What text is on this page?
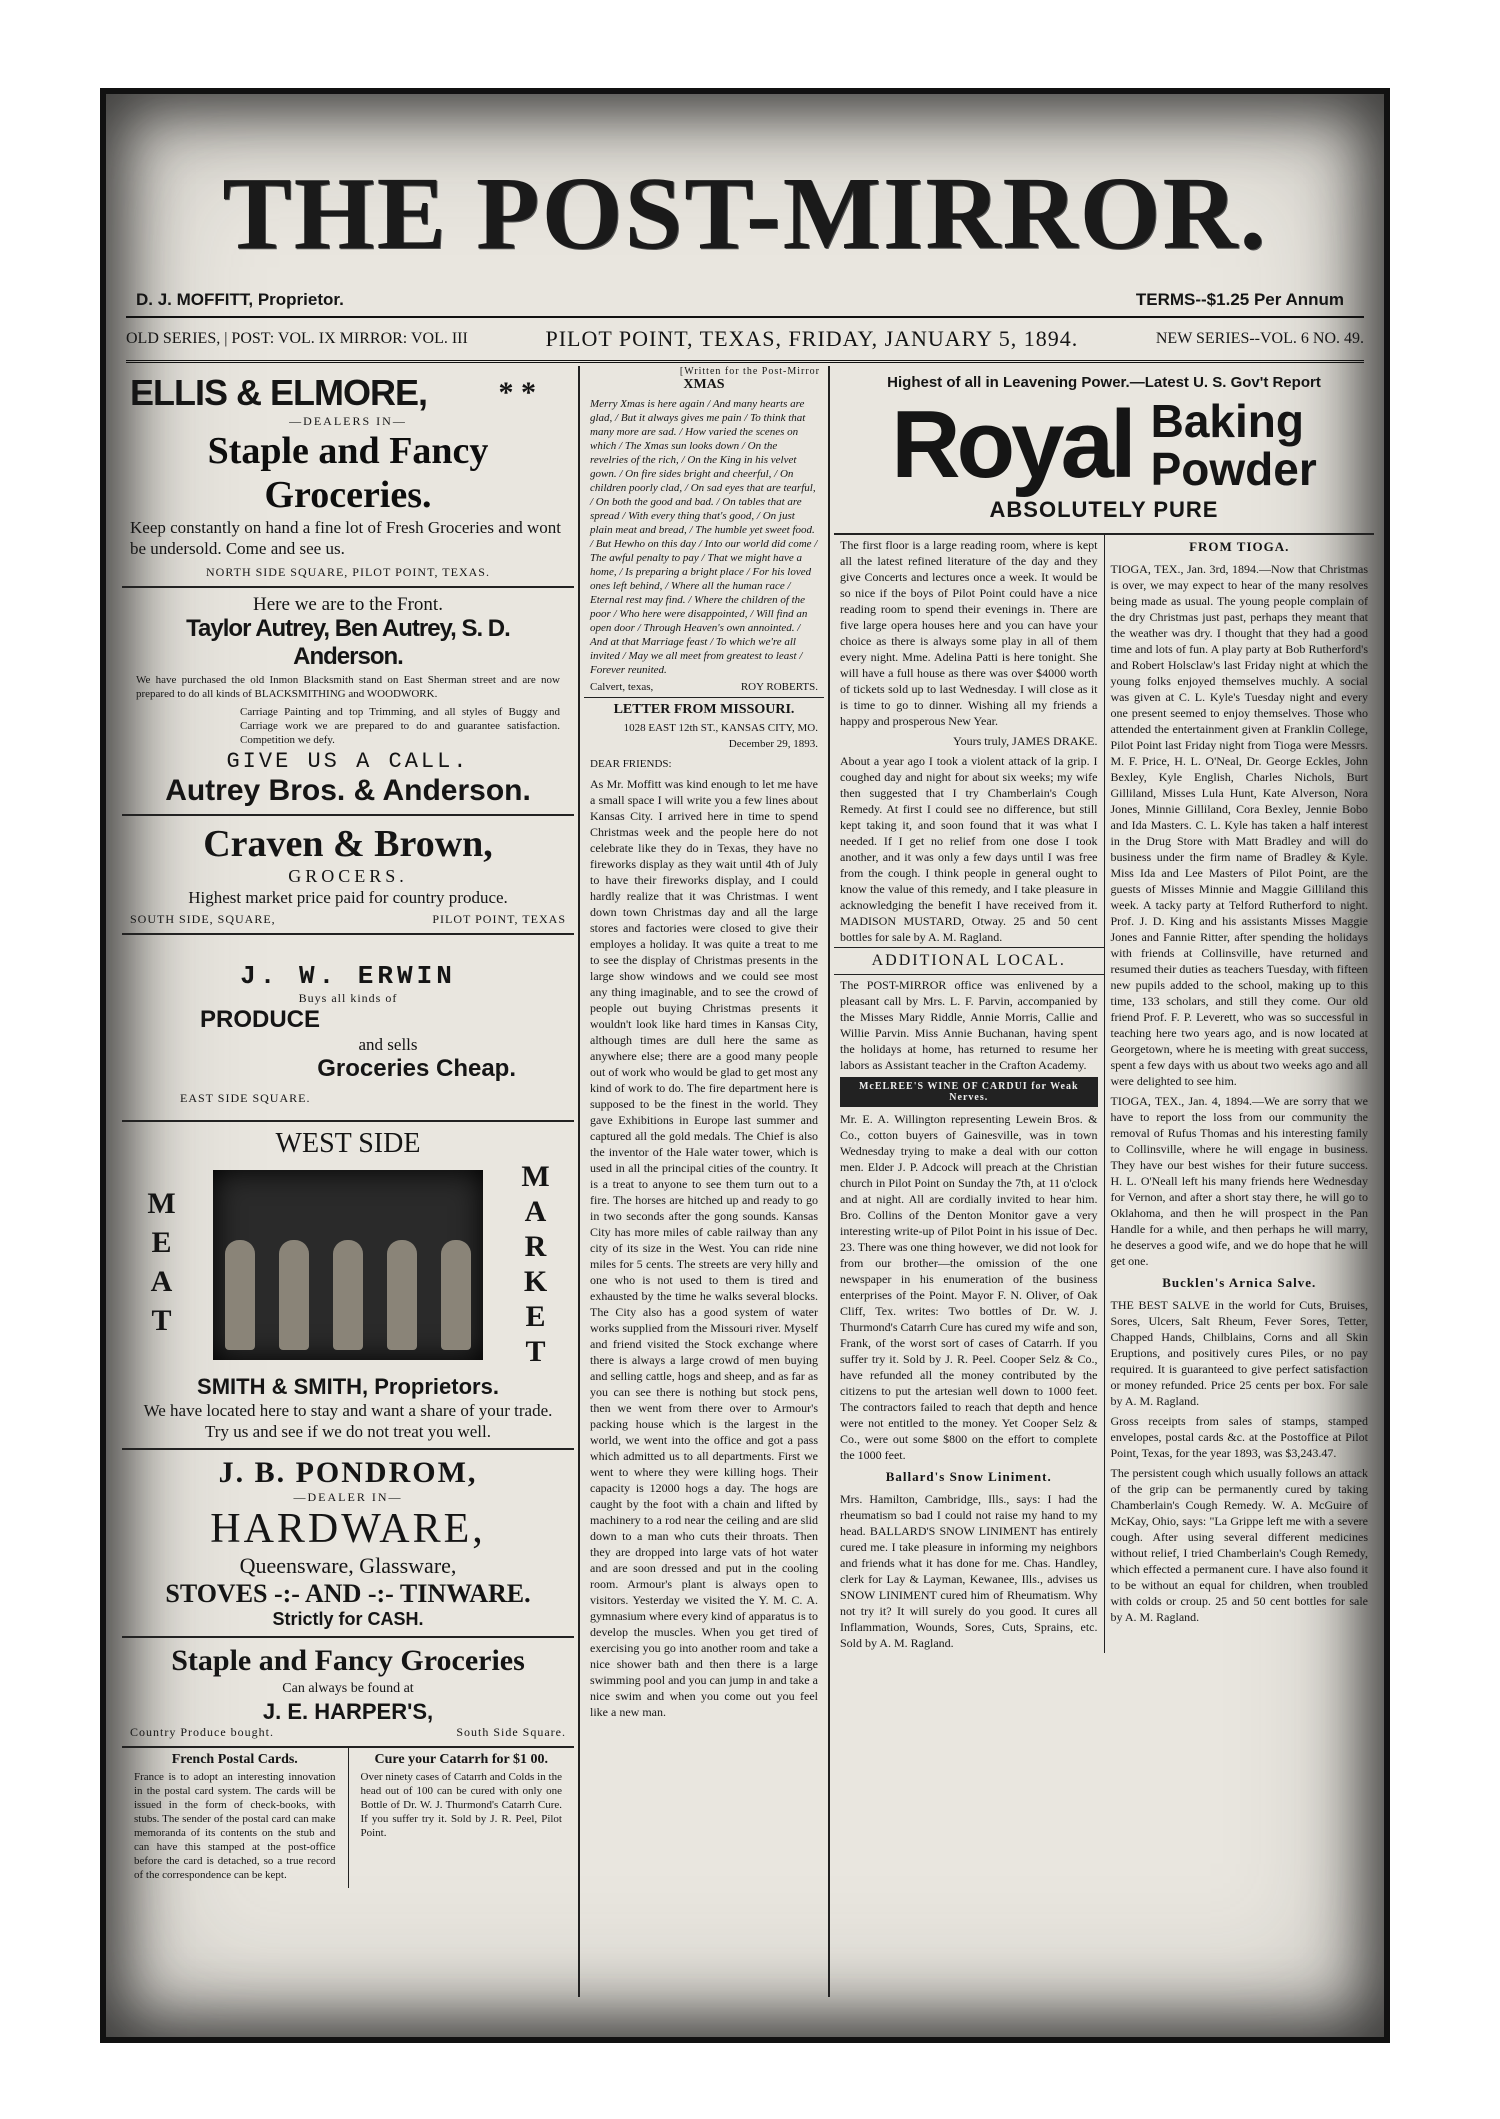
THE POST-MIRROR.
D. J. MOFFITT, Proprietor.	TERMS--$1.25 Per Annum
OLD SERIES, | POST: VOL. IX MIRROR: VOL. III	PILOT POINT, TEXAS, FRIDAY, JANUARY 5, 1894.	NEW SERIES--VOL. 6 NO. 49.
ELLIS & ELMORE, * *
—DEALERS IN—
Staple and Fancy Groceries.
Keep constantly on hand a fine lot of Fresh Groceries and wont be undersold. Come and see us.
NORTH SIDE SQUARE, PILOT POINT, TEXAS.
Here we are to the Front.
Taylor Autrey, Ben Autrey, S. D. Anderson.
We have purchased the old Inmon Blacksmith stand on East Sherman street and are now prepared to do all kinds of BLACKSMITHING and WOODWORK.
Carriage Painting and top Trimming, and all styles of Buggy and Carriage work we are prepared to do and guarantee satisfaction. Competition we defy.
GIVE US A CALL.
Autrey Bros. & Anderson.
Craven & Brown,
GROCERS.
Highest market price paid for country produce.
SOUTH SIDE, SQUARE,	PILOT POINT, TEXAS
J. W. ERWIN
Buys all kinds of
PRODUCE
and sells
Groceries Cheap.
EAST SIDE SQUARE.
WEST SIDE
MEAT	MARKET
SMITH & SMITH, Proprietors.
We have located here to stay and want a share of your trade. Try us and see if we do not treat you well.
J. B. PONDROM,
—DEALER IN—
HARDWARE,
Queensware, Glassware,
STOVES -:- AND -:- TINWARE.
Strictly for CASH.
Staple and Fancy Groceries
Can always be found at
J. E. HARPER'S,
Country Produce bought.	South Side Square.
French Postal Cards.
France is to adopt an interesting innovation in the postal card system. The cards will be issued in the form of check-books, with stubs. The sender of the postal card can make memoranda of its contents on the stub and can have this stamped at the post-office before the card is detached, so a true record of the correspondence can be kept.
Cure your Catarrh for $1 00.
Over ninety cases of Catarrh and Colds in the head out of 100 can be cured with only one Bottle of Dr. W. J. Thurmond's Catarrh Cure. If you suffer try it. Sold by J. R. Peel, Pilot Point.
[Written for the Post-Mirror
XMAS
Merry Xmas is here again / And many hearts are glad, / But it always gives me pain / To think that many more are sad. / How varied the scenes on which / The Xmas sun looks down / On the revelries of the rich, / On the King in his velvet gown. / On fire sides bright and cheerful, / On children poorly clad, / On sad eyes that are tearful, / On both the good and bad. / On tables that are spread / With every thing that's good, / On just plain meat and bread, / The humble yet sweet food. / But Hewho on this day / Into our world did come / The awful penalty to pay / That we might have a home, / Is preparing a bright place / For his loved ones left behind, / Where all the human race / Eternal rest may find. / Where the children of the poor / Who here were disappointed, / Will find an open door / Through Heaven's own annointed. / And at that Marriage feast / To which we're all invited / May we all meet from greatest to least / Forever reunited.
Calvert, texas,	ROY ROBERTS.
LETTER FROM MISSOURI.
1028 EAST 12th ST., KANSAS CITY, MO. December 29, 1893.
DEAR FRIENDS:
As Mr. Moffitt was kind enough to let me have a small space I will write you a few lines about Kansas City. I arrived here in time to spend Christmas week and the people here do not celebrate like they do in Texas, they have no fireworks display as they wait until 4th of July to have their fireworks display, and I could hardly realize that it was Christmas. I went down town Christmas day and all the large stores and factories were closed to give their employes a holiday. It was quite a treat to me to see the display of Christmas presents in the large show windows and we could see most any thing imaginable, and to see the crowd of people out buying Christmas presents it wouldn't look like hard times in Kansas City, although times are dull here the same as anywhere else; there are a good many people out of work who would be glad to get most any kind of work to do. The fire department here is supposed to be the finest in the world. They gave Exhibitions in Europe last summer and captured all the gold medals. The Chief is also the inventor of the Hale water tower, which is used in all the principal cities of the country. It is a treat to anyone to see them turn out to a fire. The horses are hitched up and ready to go in two seconds after the gong sounds. Kansas City has more miles of cable railway than any city of its size in the West. You can ride nine miles for 5 cents. The streets are very hilly and one who is not used to them is tired and exhausted by the time he walks several blocks. The City also has a good system of water works supplied from the Missouri river. Myself and friend visited the Stock exchange where there is always a large crowd of men buying and selling cattle, hogs and sheep, and as far as you can see there is nothing but stock pens, then we went from there over to Armour's packing house which is the largest in the world, we went into the office and got a pass which admitted us to all departments. First we went to where they were killing hogs. Their capacity is 12000 hogs a day. The hogs are caught by the foot with a chain and lifted by machinery to a rod near the ceiling and are slid down to a man who cuts their throats. Then they are dropped into large vats of hot water and are soon dressed and put in the cooling room. Armour's plant is always open to visitors. Yesterday we visited the Y. M. C. A. gymnasium where every kind of apparatus is to develop the muscles. When you get tired of exercising you go into another room and take a nice shower bath and then there is a large swimming pool and you can jump in and take a nice swim and when you come out you feel like a new man.
Highest of all in Leavening Power.—Latest U. S. Gov't Report
Royal Baking
Powder
ABSOLUTELY PURE
The first floor is a large reading room, where is kept all the latest refined literature of the day and they give Concerts and lectures once a week. It would be so nice if the boys of Pilot Point could have a nice reading room to spend their evenings in. There are five large opera houses here and you can have your choice as there is always some play in all of them every night. Mme. Adelina Patti is here tonight. She will have a full house as there was over $4000 worth of tickets sold up to last Wednesday. I will close as it is time to go to dinner. Wishing all my friends a happy and prosperous New Year.
Yours truly, JAMES DRAKE.
About a year ago I took a violent attack of la grip. I coughed day and night for about six weeks; my wife then suggested that I try Chamberlain's Cough Remedy. At first I could see no difference, but still kept taking it, and soon found that it was what I needed. If I get no relief from one dose I took another, and it was only a few days until I was free from the cough. I think people in general ought to know the value of this remedy, and I take pleasure in acknowledging the benefit I have received from it. MADISON MUSTARD, Otway. 25 and 50 cent bottles for sale by A. M. Ragland.
ADDITIONAL LOCAL.
The POST-MIRROR office was enlivened by a pleasant call by Mrs. L. F. Parvin, accompanied by the Misses Mary Riddle, Annie Morris, Callie and Willie Parvin. Miss Annie Buchanan, having spent the holidays at home, has returned to resume her labors as Assistant teacher in the Crafton Academy.
McELREE'S WINE OF CARDUI for Weak Nerves.
Mr. E. A. Willington representing Lewein Bros. & Co., cotton buyers of Gainesville, was in town Wednesday trying to make a deal with our cotton men. Elder J. P. Adcock will preach at the Christian church in Pilot Point on Sunday the 7th, at 11 o'clock and at night. All are cordially invited to hear him. Bro. Collins of the Denton Monitor gave a very interesting write-up of Pilot Point in his issue of Dec. 23. There was one thing however, we did not look for from our brother—the omission of the one newspaper in his enumeration of the business enterprises of the Point. Mayor F. N. Oliver, of Oak Cliff, Tex. writes: Two bottles of Dr. W. J. Thurmond's Catarrh Cure has cured my wife and son, Frank, of the worst sort of cases of Catarrh. If you suffer try it. Sold by J. R. Peel. Cooper Selz & Co., have refunded all the money contributed by the citizens to put the artesian well down to 1000 feet. The contractors failed to reach that depth and hence were not entitled to the money. Yet Cooper Selz & Co., were out some $800 on the effort to complete the 1000 feet.
Ballard's Snow Liniment.
Mrs. Hamilton, Cambridge, Ills., says: I had the rheumatism so bad I could not raise my hand to my head. BALLARD'S SNOW LINIMENT has entirely cured me. I take pleasure in informing my neighbors and friends what it has done for me. Chas. Handley, clerk for Lay & Layman, Kewanee, Ills., advises us SNOW LINIMENT cured him of Rheumatism. Why not try it? It will surely do you good. It cures all Inflammation, Wounds, Sores, Cuts, Sprains, etc. Sold by A. M. Ragland.
FROM TIOGA.
TIOGA, TEX., Jan. 3rd, 1894.—Now that Christmas is over, we may expect to hear of the many resolves being made as usual. The young people complain of the dry Christmas just past, perhaps they meant that the weather was dry. I thought that they had a good time and lots of fun. A play party at Bob Rutherford's and Robert Holsclaw's last Friday night at which the young folks enjoyed themselves muchly. A social was given at C. L. Kyle's Tuesday night and every one present seemed to enjoy themselves. Those who attended the entertainment given at Franklin College, Pilot Point last Friday night from Tioga were Messrs. M. F. Price, H. L. O'Neal, Dr. George Eckles, John Bexley, Kyle English, Charles Nichols, Burt Gilliland, Misses Lula Hunt, Kate Alverson, Nora Jones, Minnie Gilliland, Cora Bexley, Jennie Bobo and Ida Masters. C. L. Kyle has taken a half interest in the Drug Store with Matt Bradley and will do business under the firm name of Bradley & Kyle. Miss Ida and Lee Masters of Pilot Point, are the guests of Misses Minnie and Maggie Gilliland this week. A tacky party at Telford Rutherford to night. Prof. J. D. King and his assistants Misses Maggie Jones and Fannie Ritter, after spending the holidays with friends at Collinsville, have returned and resumed their duties as teachers Tuesday, with fifteen new pupils added to the school, making up to this time, 133 scholars, and still they come. Our old friend Prof. F. P. Leverett, who was so successful in teaching here two years ago, and is now located at Georgetown, where he is meeting with great success, spent a few days with us about two weeks ago and all were delighted to see him.
TIOGA, TEX., Jan. 4, 1894.—We are sorry that we have to report the loss from our community the removal of Rufus Thomas and his interesting family to Collinsville, where he will engage in business. They have our best wishes for their future success. H. L. O'Neall left his many friends here Wednesday for Vernon, and after a short stay there, he will go to Oklahoma, and then he will prospect in the Pan Handle for a while, and then perhaps he will marry, he deserves a good wife, and we do hope that he will get one.
Bucklen's Arnica Salve.
THE BEST SALVE in the world for Cuts, Bruises, Sores, Ulcers, Salt Rheum, Fever Sores, Tetter, Chapped Hands, Chilblains, Corns and all Skin Eruptions, and positively cures Piles, or no pay required. It is guaranteed to give perfect satisfaction or money refunded. Price 25 cents per box. For sale by A. M. Ragland.
Gross receipts from sales of stamps, stamped envelopes, postal cards &c. at the Postoffice at Pilot Point, Texas, for the year 1893, was $3,243.47.
The persistent cough which usually follows an attack of the grip can be permanently cured by taking Chamberlain's Cough Remedy. W. A. McGuire of McKay, Ohio, says: "La Grippe left me with a severe cough. After using several different medicines without relief, I tried Chamberlain's Cough Remedy, which effected a permanent cure. I have also found it to be without an equal for children, when troubled with colds or croup. 25 and 50 cent bottles for sale by A. M. Ragland.
